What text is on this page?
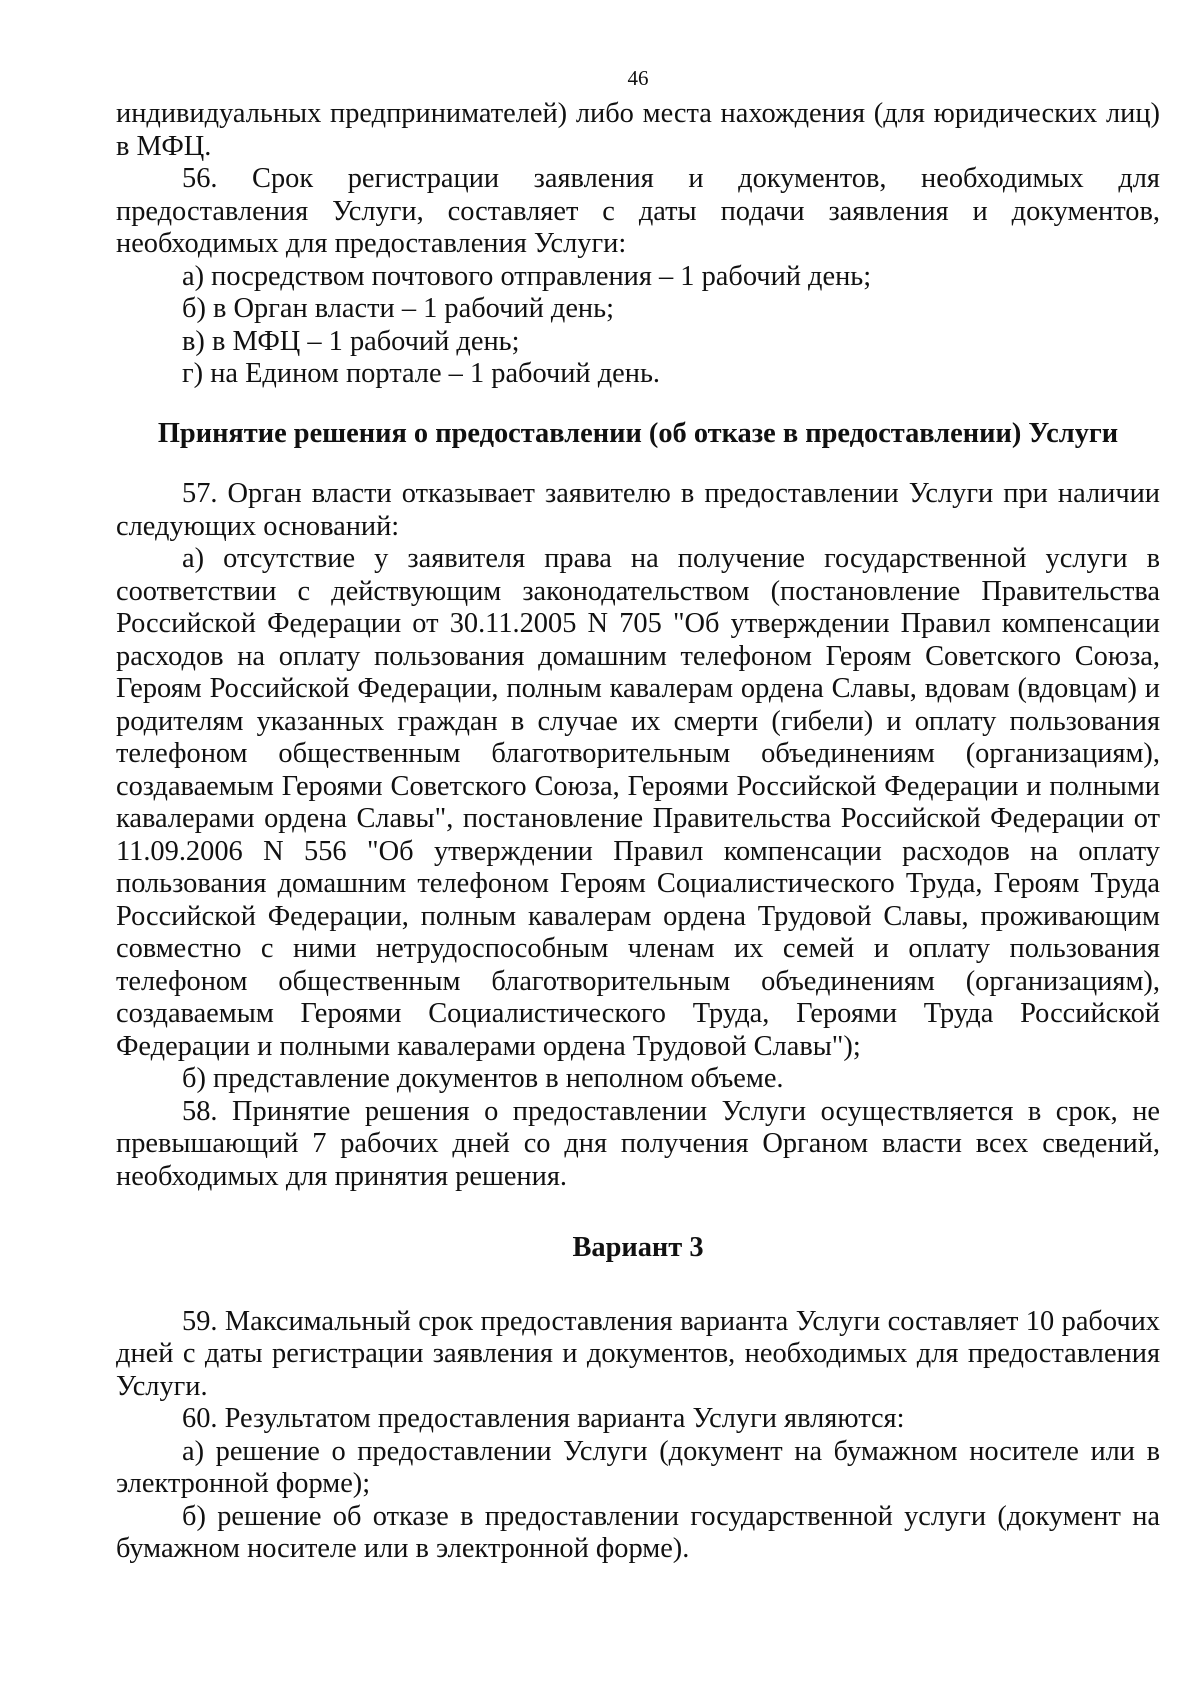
46

индивидуальных предпринимателей) либо места нахождения (для юридических лиц) в МФЦ.

56. Срок регистрации заявления и документов, необходимых для предоставления Услуги, составляет с даты подачи заявления и документов, необходимых для предоставления Услуги:

а) посредством почтового отправления – 1 рабочий день;

б) в Орган власти – 1 рабочий день;

в) в МФЦ – 1 рабочий день;

г) на Едином портале – 1 рабочий день.

Принятие решения о предоставлении (об отказе в предоставлении) Услуги

57. Орган власти отказывает заявителю в предоставлении Услуги при наличии следующих оснований:

а) отсутствие у заявителя права на получение государственной услуги в соответствии с действующим законодательством (постановление Правительства Российской Федерации от 30.11.2005 N 705 "Об утверждении Правил компенсации расходов на оплату пользования домашним телефоном Героям Советского Союза, Героям Российской Федерации, полным кавалерам ордена Славы, вдовам (вдовцам) и родителям указанных граждан в случае их смерти (гибели) и оплату пользования телефоном общественным благотворительным объединениям (организациям), создаваемым Героями Советского Союза, Героями Российской Федерации и полными кавалерами ордена Славы", постановление Правительства Российской Федерации от 11.09.2006 N 556 "Об утверждении Правил компенсации расходов на оплату пользования домашним телефоном Героям Социалистического Труда, Героям Труда Российской Федерации, полным кавалерам ордена Трудовой Славы, проживающим совместно с ними нетрудоспособным членам их семей и оплату пользования телефоном общественным благотворительным объединениям (организациям), создаваемым Героями Социалистического Труда, Героями Труда Российской Федерации и полными кавалерами ордена Трудовой Славы");

б) представление документов в неполном объеме.

58. Принятие решения о предоставлении Услуги осуществляется в срок, не превышающий 7 рабочих дней со дня получения Органом власти всех сведений, необходимых для принятия решения.

Вариант 3

59. Максимальный срок предоставления варианта Услуги составляет 10 рабочих дней с даты регистрации заявления и документов, необходимых для предоставления Услуги.

60. Результатом предоставления варианта Услуги являются:

а) решение о предоставлении Услуги (документ на бумажном носителе или в электронной форме);

б) решение об отказе в предоставлении государственной услуги (документ на бумажном носителе или в электронной форме).
